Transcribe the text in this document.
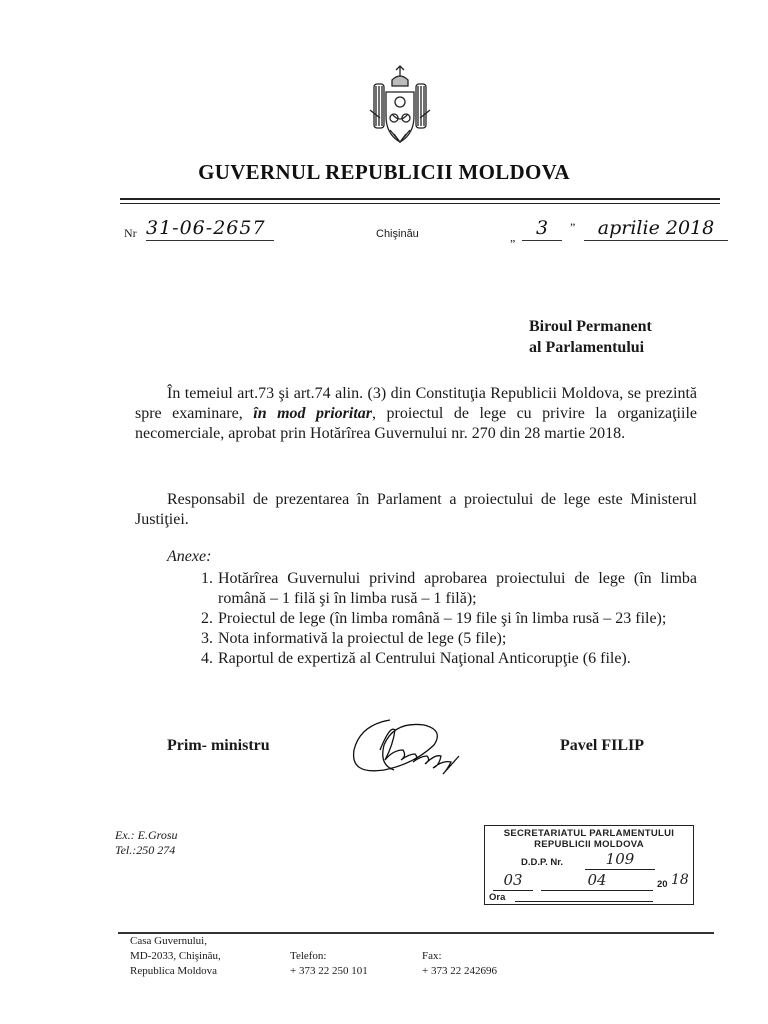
GUVERNUL REPUBLICII MOLDOVA
Nr 31-06-2657	Chişinău	„	3	”	aprilie 2018
Biroul Permanent
al Parlamentului
În temeiul art.73 şi art.74 alin. (3) din Constituţia Republicii Moldova, se prezintă spre examinare, în mod prioritar, proiectul de lege cu privire la organizaţiile necomerciale, aprobat prin Hotărîrea Guvernului nr. 270 din 28 martie 2018.
Responsabil de prezentarea în Parlament a proiectului de lege este Ministerul Justiţiei.
Anexe:
1. Hotărîrea Guvernului privind aprobarea proiectului de lege (în limba română – 1 filă şi în limba rusă – 1 filă);
2. Proiectul de lege (în limba română – 19 file şi în limba rusă – 23 file);
3. Nota informativă la proiectul de lege (5 file);
4. Raportul de expertiză al Centrului Naţional Anticorupţie (6 file).
Prim- ministru	Pavel FILIP
Ex.: E.Grosu
Tel.:250 274
SECRETARIATUL PARLAMENTULUI
REPUBLICII MOLDOVA
D.D.P. Nr.	109
03	04	20 18
Ora
Casa Guvernului,
MD-2033, Chişinău,
Republica Moldova
Telefon:
+ 373 22 250 101
Fax:
+ 373 22 242696
